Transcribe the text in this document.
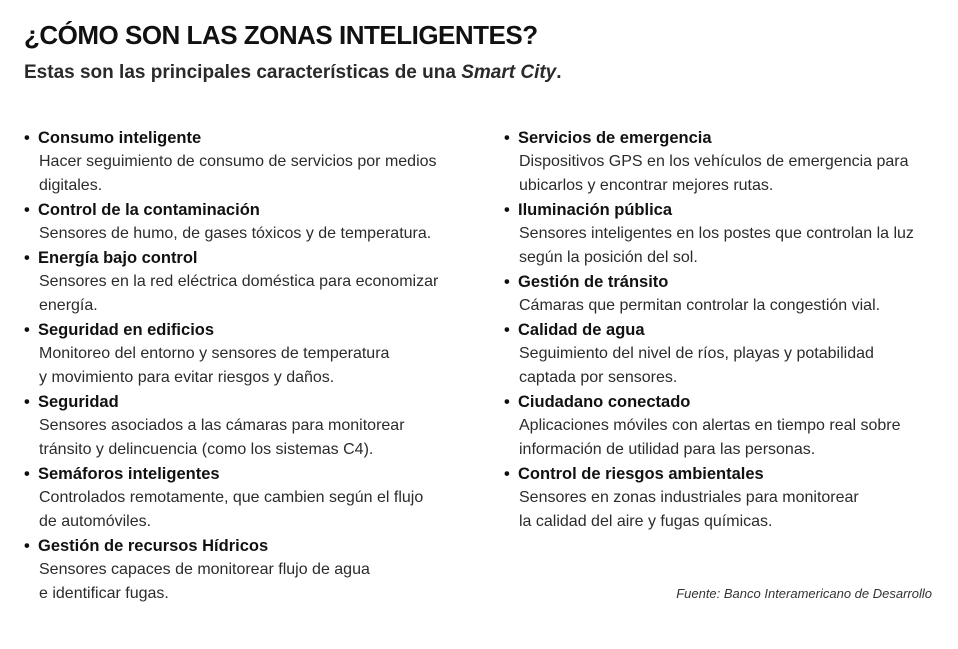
¿CÓMO SON LAS ZONAS INTELIGENTES?
Estas son las principales características de una Smart City.
• Consumo inteligente
Hacer seguimiento de consumo de servicios por medios
digitales.
• Control de la contaminación
Sensores de humo, de gases tóxicos y de temperatura.
• Energía bajo control
Sensores en la red eléctrica doméstica para economizar
energía.
• Seguridad en edificios
Monitoreo del entorno y sensores de temperatura
y movimiento para evitar riesgos y daños.
• Seguridad
Sensores asociados a las cámaras para monitorear
tránsito y delincuencia (como los sistemas C4).
• Semáforos inteligentes
Controlados remotamente, que cambien según el flujo
de automóviles.
• Gestión de recursos Hídricos
Sensores capaces de monitorear flujo de agua
e identificar fugas.
• Servicios de emergencia
Dispositivos GPS en los vehículos de emergencia para
ubicarlos y encontrar mejores rutas.
• Iluminación pública
Sensores inteligentes en los postes que controlan la luz
según la posición del sol.
• Gestión de tránsito
Cámaras que permitan controlar la congestión vial.
• Calidad de agua
Seguimiento del nivel de ríos, playas y potabilidad
captada por sensores.
• Ciudadano conectado
Aplicaciones móviles con alertas en tiempo real sobre
información de utilidad para las personas.
• Control de riesgos ambientales
Sensores en zonas industriales para monitorear
la calidad del aire y fugas químicas.
Fuente: Banco Interamericano de Desarrollo
